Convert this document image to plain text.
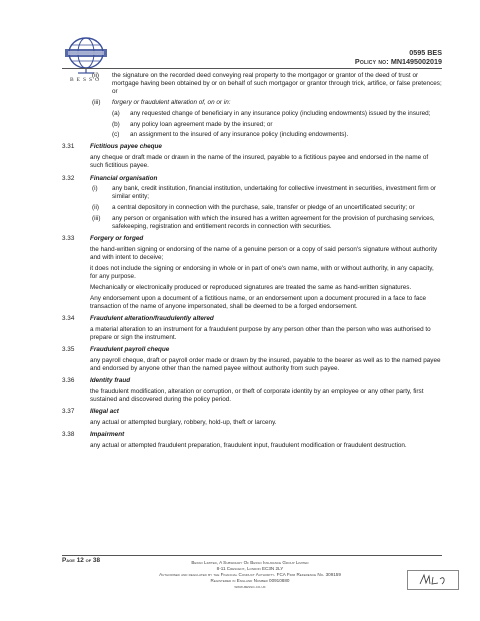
BESSO
0595 BES
Policy no: MN1495002019
(ii) the signature on the recorded deed conveying real property to the mortgagor or grantor of the deed of trust or mortgage having been obtained by or on behalf of such mortgagor or grantor through trick, artifice, or false pretences; or
(iii) forgery or fraudulent alteration of, on or in:
(a) any requested change of beneficiary in any insurance policy (including endowments) issued by the insured;
(b) any policy loan agreement made by the insured; or
(c) an assignment to the insured of any insurance policy (including endowments).
3.31 Fictitious payee cheque
any cheque or draft made or drawn in the name of the insured, payable to a fictitious payee and endorsed in the name of such fictitious payee.
3.32 Financial organisation
(i) any bank, credit institution, financial institution, undertaking for collective investment in securities, investment firm or similar entity;
(ii) a central depository in connection with the purchase, sale, transfer or pledge of an uncertificated security; or
(iii) any person or organisation with which the insured has a written agreement for the provision of purchasing services, safekeeping, registration and entitlement records in connection with securities.
3.33 Forgery or forged
the hand-written signing or endorsing of the name of a genuine person or a copy of said person's signature without authority and with intent to deceive;
it does not include the signing or endorsing in whole or in part of one's own name, with or without authority, in any capacity, for any purpose.
Mechanically or electronically produced or reproduced signatures are treated the same as hand-written signatures.
Any endorsement upon a document of a fictitious name, or an endorsement upon a document procured in a face to face transaction of the name of anyone impersonated, shall be deemed to be a forged endorsement.
3.34 Fraudulent alteration/fraudulently altered
a material alteration to an instrument for a fraudulent purpose by any person other than the person who was authorised to prepare or sign the instrument.
3.35 Fraudulent payroll cheque
any payroll cheque, draft or payroll order made or drawn by the insured, payable to the bearer as well as to the named payee and endorsed by anyone other than the named payee without authority from such payee.
3.36 Identity fraud
the fraudulent modification, alteration or corruption, or theft of corporate identity by an employee or any other party, first sustained and discovered during the policy period.
3.37 Illegal act
any actual or attempted burglary, robbery, hold-up, theft or larceny.
3.38 Impairment
any actual or attempted fraudulent preparation, fraudulent input, fraudulent modification or fraudulent destruction.
Page 12 of 38	Besso Limited, A Subsidiary Of Besso Insurance Group Limited
8-11 Crescent, London EC3N 2LY
Authorised and regulated by the Financial Conduct Authority. FCA Firm Reference No. 309159
Registered in England Number 00910880
www.besso.co.uk
